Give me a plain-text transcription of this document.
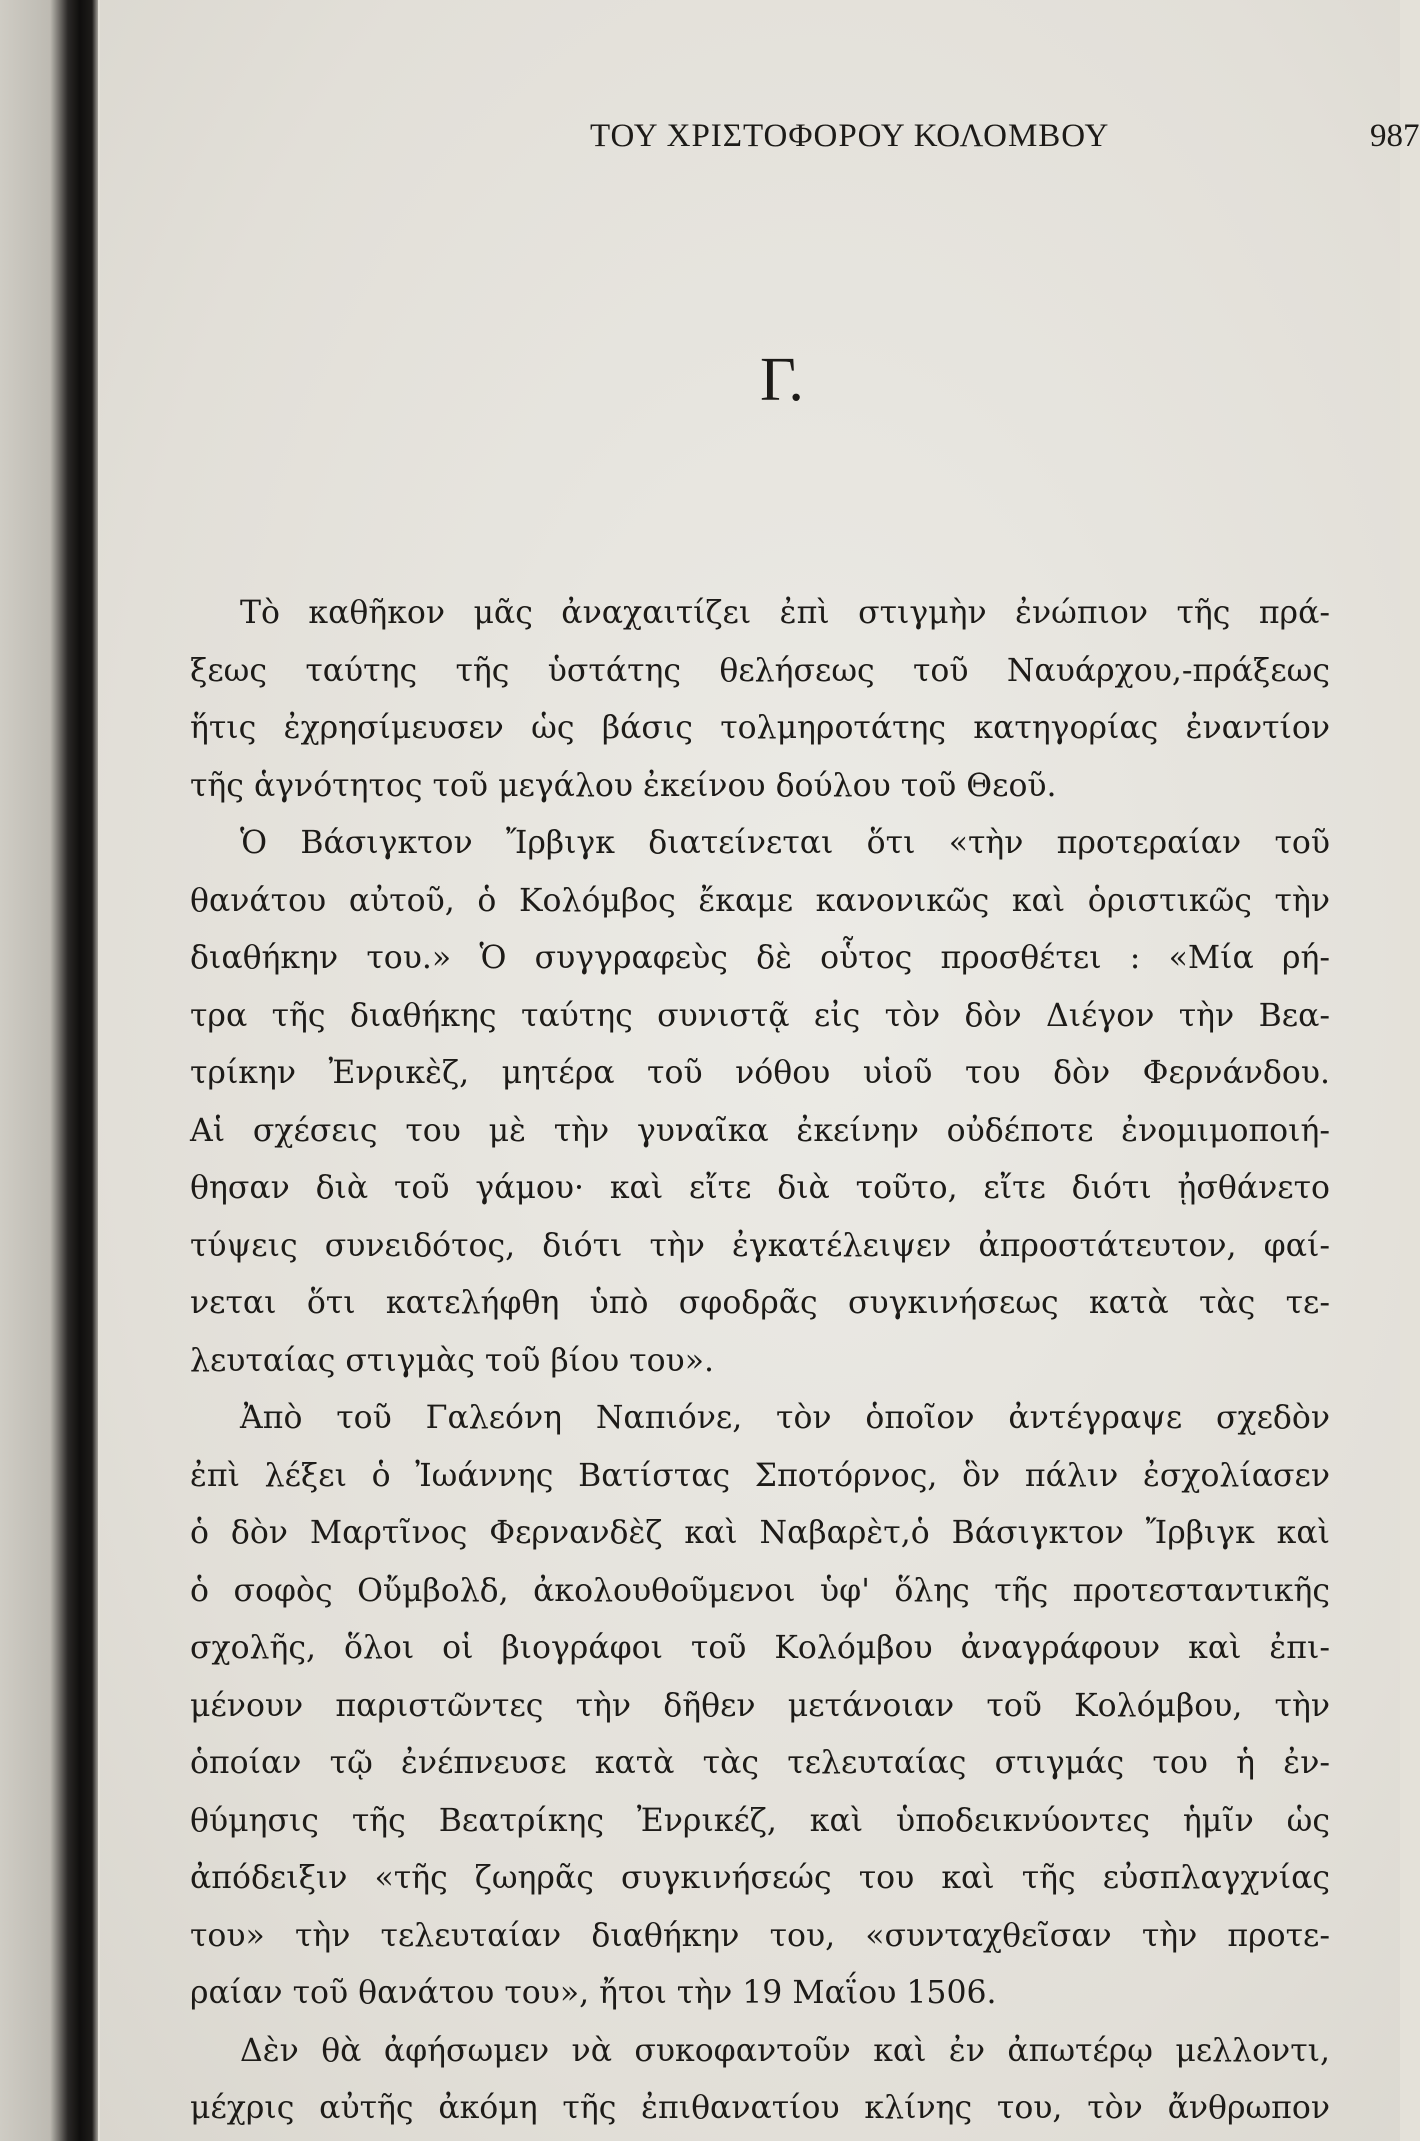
ΤΟΥ ΧΡΙΣΤΟΦΟΡΟΥ ΚΟΛΟΜΒΟΥ	987
Γ.
Τὸ καθῆκον μᾶς ἀναχαιτίζει ἐπὶ στιγμὴν ἐνώπιον τῆς πρά-
ξεως ταύτης τῆς ὑστάτης θελήσεως τοῦ Ναυάρχου,-πράξεως
ἥτις ἐχρησίμευσεν ὡς βάσις τολμηροτάτης κατηγορίας ἐναντίον
τῆς ἁγνότητος τοῦ μεγάλου ἐκείνου δούλου τοῦ Θεοῦ.
Ὁ Βάσιγκτον Ἴρβιγκ διατείνεται ὅτι «τὴν προτεραίαν τοῦ
θανάτου αὐτοῦ, ὁ Κολόμβος ἔκαμε κανονικῶς καὶ ὁριστικῶς τὴν
διαθήκην του.» Ὁ συγγραφεὺς δὲ οὗτος προσθέτει : «Μία ρή-
τρα τῆς διαθήκης ταύτης συνιστᾷ εἰς τὸν δὸν Διέγον τὴν Βεα-
τρίκην Ἐνρικὲζ, μητέρα τοῦ νόθου υἱοῦ του δὸν Φερνάνδου.
Αἱ σχέσεις του μὲ τὴν γυναῖκα ἐκείνην οὐδέποτε ἐνομιμοποιή-
θησαν διὰ τοῦ γάμου· καὶ εἴτε διὰ τοῦτο, εἴτε διότι ᾐσθάνετο
τύψεις συνειδότος, διότι τὴν ἐγκατέλειψεν ἀπροστάτευτον, φαί-
νεται ὅτι κατελήφθη ὑπὸ σφοδρᾶς συγκινήσεως κατὰ τὰς τε-
λευταίας στιγμὰς τοῦ βίου του».
Ἀπὸ τοῦ Γαλεόνη Ναπιόνε, τὸν ὁποῖον ἀντέγραψε σχεδὸν
ἐπὶ λέξει ὁ Ἰωάννης Βατίστας Σποτόρνος, ὃν πάλιν ἐσχολίασεν
ὁ δὸν Μαρτῖνος Φερνανδὲζ καὶ Ναβαρὲτ,ὁ Βάσιγκτον Ἴρβιγκ καὶ
ὁ σοφὸς Οὔμβολδ, ἀκολουθοῦμενοι ὑφ' ὅλης τῆς προτεσταντικῆς
σχολῆς, ὅλοι οἱ βιογράφοι τοῦ Κολόμβου ἀναγράφουν καὶ ἐπι-
μένουν παριστῶντες τὴν δῆθεν μετάνοιαν τοῦ Κολόμβου, τὴν
ὁποίαν τῷ ἐνέπνευσε κατὰ τὰς τελευταίας στιγμάς του ἡ ἐν-
θύμησις τῆς Βεατρίκης Ἐνρικέζ, καὶ ὑποδεικνύοντες ἡμῖν ὡς
ἀπόδειξιν «τῆς ζωηρᾶς συγκινήσεώς του καὶ τῆς εὐσπλαγχνίας
του» τὴν τελευταίαν διαθήκην του, «συνταχθεῖσαν τὴν προτε-
ραίαν τοῦ θανάτου του», ἤτοι τὴν 19 Μαΐου 1506.
Δὲν θὰ ἀφήσωμεν νὰ συκοφαντοῦν καὶ ἐν ἀπωτέρῳ μελλοντι,
μέχρις αὐτῆς ἀκόμη τῆς ἐπιθανατίου κλίνης του, τὸν ἄνθρωπον
